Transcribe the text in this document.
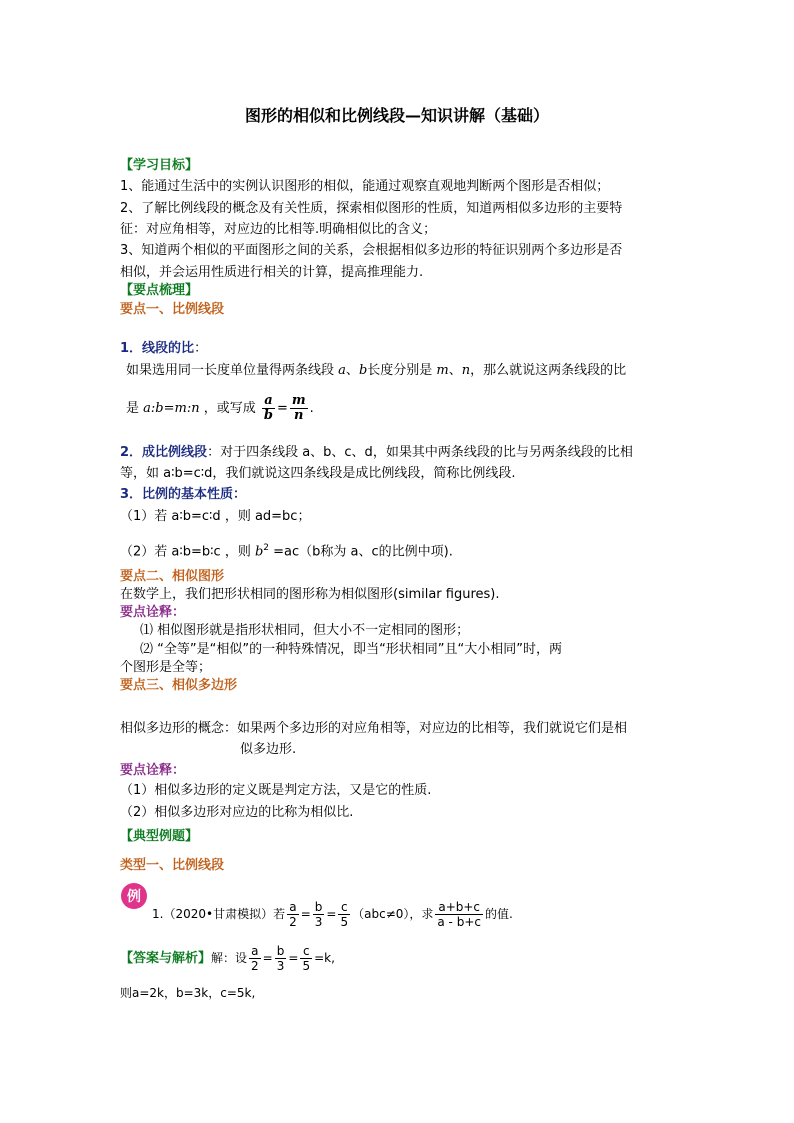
图形的相似和比例线段—知识讲解（基础）
【学习目标】
1、能通过生活中的实例认识图形的相似，能通过观察直观地判断两个图形是否相似；
2、了解比例线段的概念及有关性质，探索相似图形的性质，知道两相似多边形的主要特
征：对应角相等，对应边的比相等.明确相似比的含义；
3、知道两个相似的平面图形之间的关系，会根据相似多边形的特征识别两个多边形是否
相似，并会运用性质进行相关的计算，提高推理能力.
【要点梳理】
要点一、比例线段
1．线段的比：
如果选用同一长度单位量得两条线段 a、b长度分别是 m、n，那么就说这两条线段的比
是 a:b=m:n ，或写成 $\frac{a}{b} = \frac{m}{n}$ .
2．成比例线段：对于四条线段 a、b、c、d，如果其中两条线段的比与另两条线段的比相
等，如 a∶b=c∶d，我们就说这四条线段是成比例线段，简称比例线段.
3．比例的基本性质：
（1）若 a∶b=c∶d ，则 ad=bc；
（2）若 a∶b=b∶c ，则 $b^2 =ac(b$称为 a、c的比例中项).
要点二、相似图形
在数学上，我们把形状相同的图形称为相似图形(similar figures).
要点诠释：
⑴ 相似图形就是指形状相同，但大小不一定相同的图形；
⑵ “全等”是“相似”的一种特殊情况，即当“形状相同”且“大小相同”时，两
个图形是全等；
要点三、相似多边形
相似多边形的概念：如果两个多边形的对应角相等，对应边的比相等，我们就说它们是相
似多边形.
要点诠释：
（1）相似多边形的定义既是判定方法，又是它的性质.
（2）相似多边形对应边的比称为相似比.
【典型例题】
类型一、比例线段
例
1.（2020•甘肃模拟）若 $\frac{a}{2} = \frac{b}{3} = \frac{c}{5} (abc\ne 0)$，求 $\frac{a+b+c}{a - b+c}$ 的值.
【答案与解析】解：设 $\frac{a}{2} = \frac{b}{3} = \frac{c}{5} =k$,
则a=2k，b=3k，c=5k,
